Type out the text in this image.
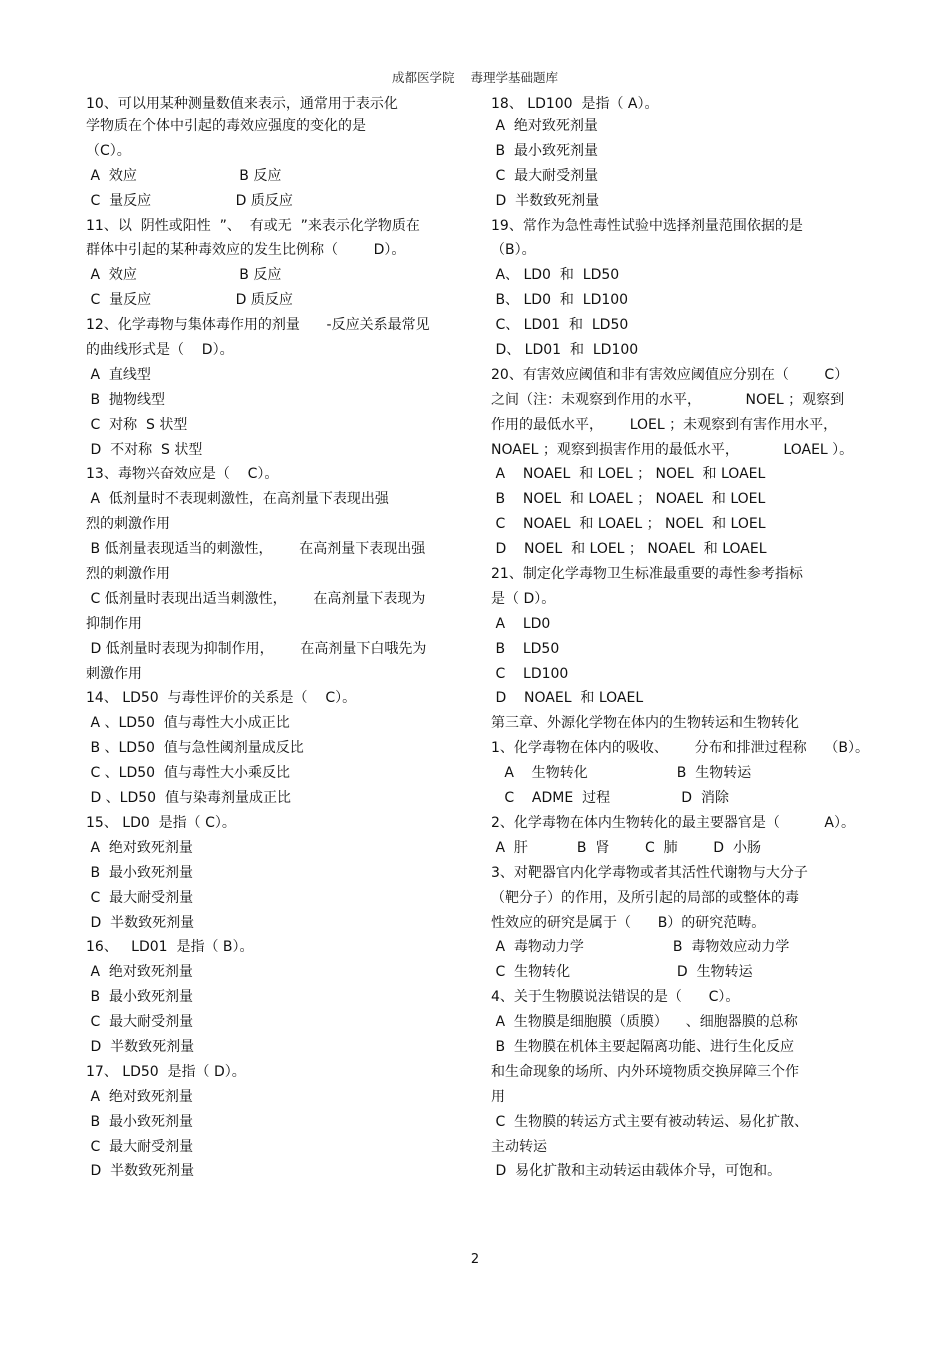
成都医学院 毒理学基础题库
10、可以用某种测量数值来表示，通常用于表示化
学物质在个体中引起的毒效应强度的变化的是
（C）。
A  效应                       B 反应
C  量反应                   D 质反应
11、以  阴性或阳性  ”、  有或无  ”来表示化学物质在
群体中引起的某种毒效应的发生比例称（        D）。
A  效应                       B 反应
C  量反应                   D 质反应
12、化学毒物与集体毒作用的剂量      -反应关系最常见
的曲线形式是（    D）。
A  直线型
B  抛物线型
C  对称  S 状型
D  不对称  S 状型
13、毒物兴奋效应是（    C）。
A  低剂量时不表现刺激性，在高剂量下表现出强
烈的刺激作用
B 低剂量表现适当的刺激性，      在高剂量下表现出强
烈的刺激作用
C 低剂量时表现出适当刺激性，      在高剂量下表现为
抑制作用
D 低剂量时表现为抑制作用，      在高剂量下白哦先为
刺激作用
14、 LD50  与毒性评价的关系是（    C）。
A 、LD50  值与毒性大小成正比
B 、LD50  值与急性阈剂量成反比
C 、LD50  值与毒性大小乘反比
D 、LD50  值与染毒剂量成正比
15、 LD0  是指（ C）。
A  绝对致死剂量
B  最小致死剂量
C  最大耐受剂量
D  半数致死剂量
16、   LD01  是指（ B）。
A  绝对致死剂量
B  最小致死剂量
C  最大耐受剂量
D  半数致死剂量
17、 LD50  是指（ D）。
A  绝对致死剂量
B  最小致死剂量
C  最大耐受剂量
D  半数致死剂量
18、 LD100  是指（ A）。
A  绝对致死剂量
B  最小致死剂量
C  最大耐受剂量
D  半数致死剂量
19、常作为急性毒性试验中选择剂量范围依据的是
（B）。
A、 LD0  和  LD50
B、 LD0  和  LD100
C、 LD01  和  LD50
D、 LD01  和  LD100
20、有害效应阈值和非有害效应阈值应分别在（        C）
之间（注：未观察到作用的水平，          NOEL ；观察到
作用的最低水平，      LOEL ；未观察到有害作用水平，
NOAEL ；观察到损害作用的最低水平，          LOAEL ）。
A    NOAEL  和 LOEL ； NOEL  和 LOAEL
B    NOEL  和 LOAEL ； NOAEL  和 LOEL
C    NOAEL  和 LOAEL ； NOEL  和 LOEL
D    NOEL  和 LOEL ； NOAEL  和 LOAEL
21、制定化学毒物卫生标准最重要的毒性参考指标
是（ D）。
A    LD0
B    LD50
C    LD100
D    NOAEL  和 LOAEL
第三章、外源化学物在体内的生物转运和生物转化
1、化学毒物在体内的吸收、      分布和排泄过程称    （B）。
A    生物转化                    B  生物转运
C    ADME  过程                D  消除
2、化学毒物在体内生物转化的最主要器官是（          A）。
A  肝           B  肾        C  肺        D  小肠
3、对靶器官内化学毒物或者其活性代谢物与大分子
（靶分子）的作用，及所引起的局部的或整体的毒
性效应的研究是属于（      B）的研究范畴。
A  毒物动力学                    B  毒物效应动力学
C  生物转化                        D  生物转运
4、关于生物膜说法错误的是（      C）。
A  生物膜是细胞膜（质膜）    、细胞器膜的总称
B  生物膜在机体主要起隔离功能、进行生化反应
和生命现象的场所、内外环境物质交换屏障三个作
用
C  生物膜的转运方式主要有被动转运、易化扩散、
主动转运
D  易化扩散和主动转运由载体介导，可饱和。
2
